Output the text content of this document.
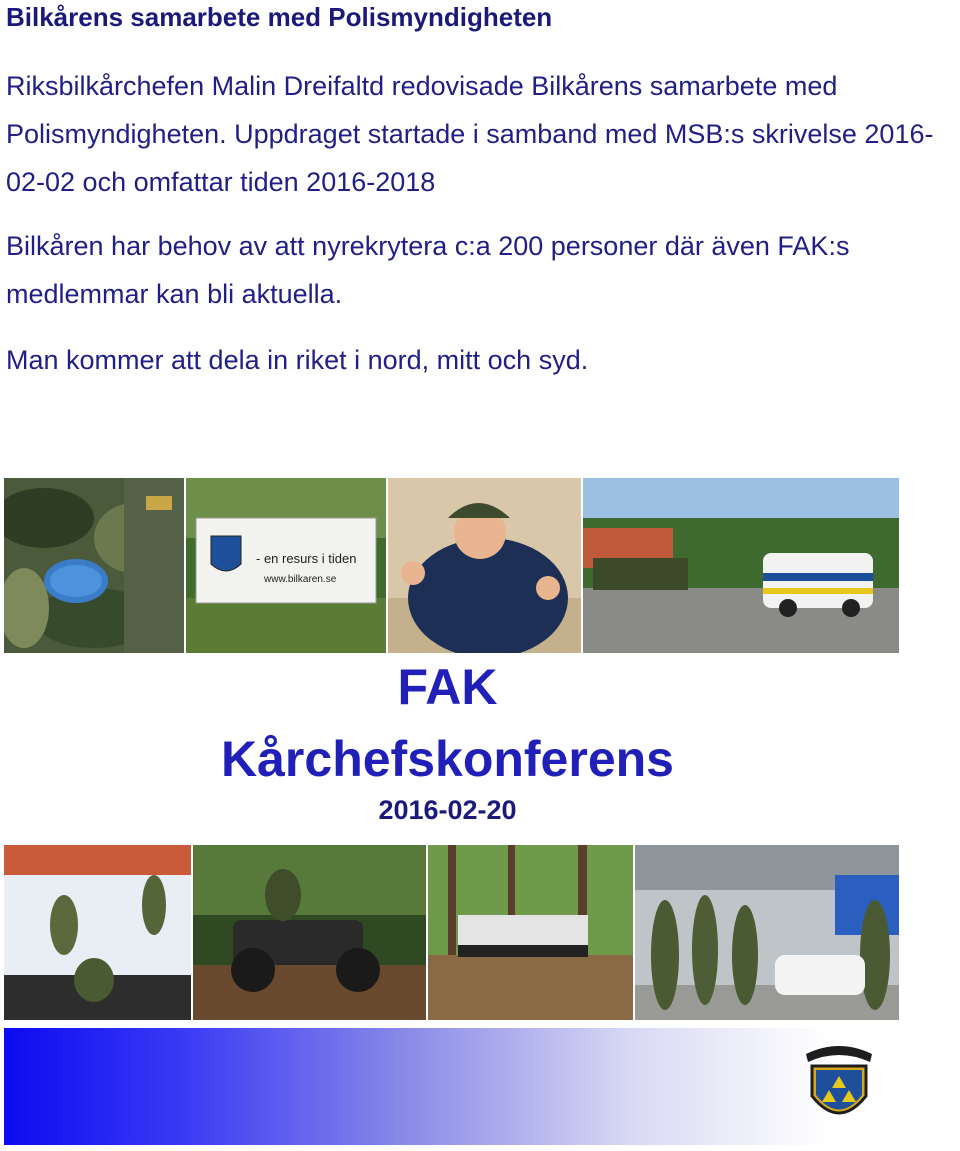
Bilkårens samarbete med Polismyndigheten

Riksbilkårchefen Malin Dreifaltd redovisade Bilkårens samarbete med Polismyndigheten. Uppdraget startade i samband med MSB:s skrivelse 2016-02-02 och omfattar tiden 2016-2018

Bilkåren har behov av att nyrekrytera c:a 200 personer där även FAK:s medlemmar kan bli aktuella.

Man kommer att dela in riket i nord, mitt och syd.

- en resurs i tiden
www.bilkaren.se
FAK
Kårchefskonferens
2016-02-20
